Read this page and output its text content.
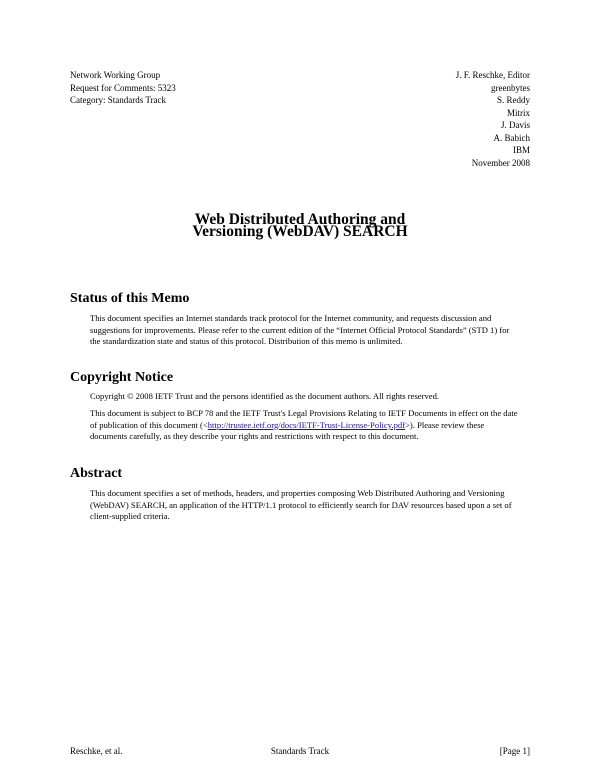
Network Working Group
Request for Comments: 5323
Category: Standards Track
J. F. Reschke, Editor
greenbytes
S. Reddy
Mitrix
J. Davis
A. Babich
IBM
November 2008
Web Distributed Authoring and
Versioning (WebDAV) SEARCH
Status of this Memo

This document specifies an Internet standards track protocol for the Internet community, and requests discussion and suggestions for improvements. Please refer to the current edition of the “Internet Official Protocol Standards” (STD 1) for the standardization state and status of this protocol. Distribution of this memo is unlimited.

Copyright Notice

Copyright © 2008 IETF Trust and the persons identified as the document authors. All rights reserved.

This document is subject to BCP 78 and the IETF Trust's Legal Provisions Relating to IETF Documents in effect on the date of publication of this document (<http://trustee.ietf.org/docs/IETF-Trust-License-Policy.pdf>). Please review these documents carefully, as they describe your rights and restrictions with respect to this document.

Abstract

This document specifies a set of methods, headers, and properties composing Web Distributed Authoring and Versioning (WebDAV) SEARCH, an application of the HTTP/1.1 protocol to efficiently search for DAV resources based upon a set of client-supplied criteria.

Reschke, et al.	Standards Track	[Page 1]
